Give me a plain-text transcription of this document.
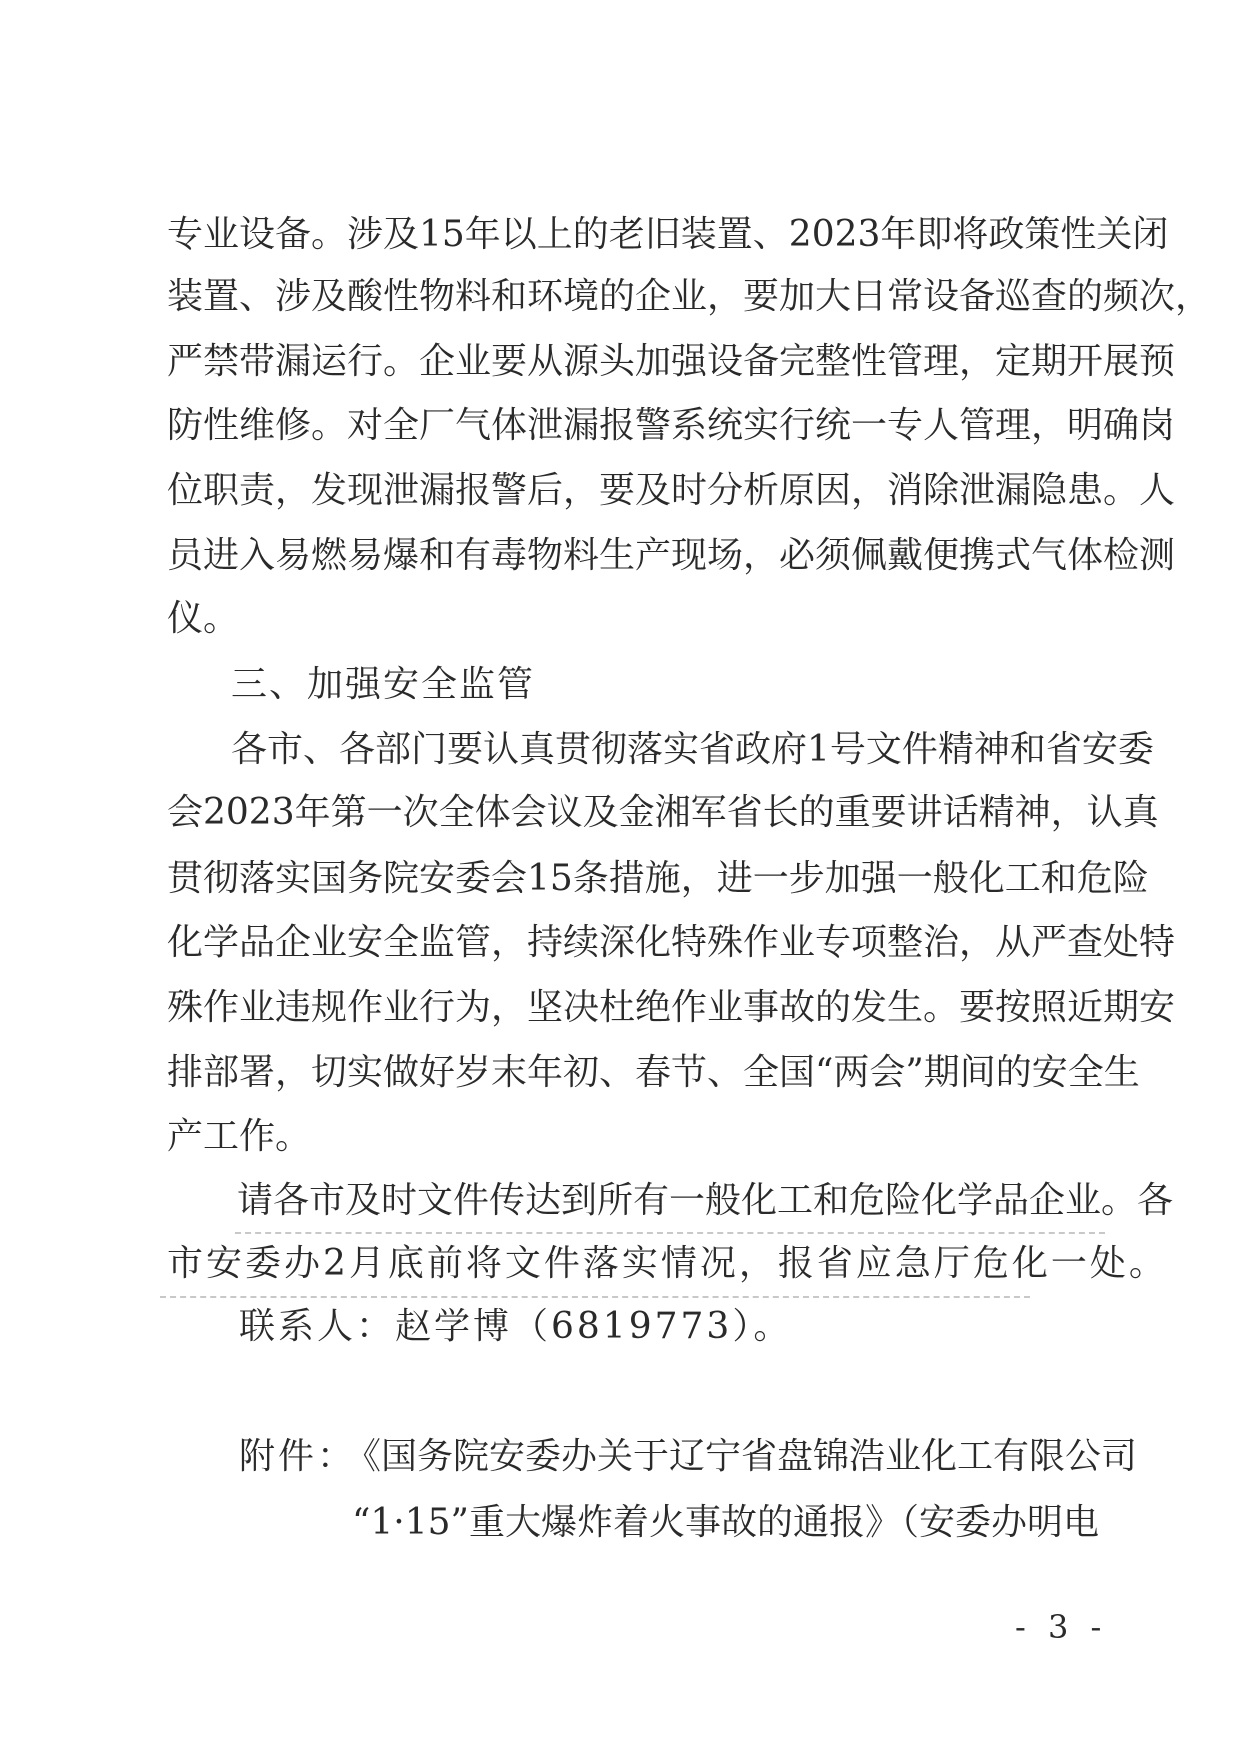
专业设备。涉及15年以上的老旧装置、2023年即将政策性关闭
装置、涉及酸性物料和环境的企业，要加大日常设备巡查的频次，
严禁带漏运行。企业要从源头加强设备完整性管理，定期开展预
防性维修。对全厂气体泄漏报警系统实行统一专人管理，明确岗
位职责，发现泄漏报警后，要及时分析原因，消除泄漏隐患。人
员进入易燃易爆和有毒物料生产现场，必须佩戴便携式气体检测
仪。
三、加强安全监管
各市、各部门要认真贯彻落实省政府1号文件精神和省安委
会2023年第一次全体会议及金湘军省长的重要讲话精神，认真
贯彻落实国务院安委会15条措施，进一步加强一般化工和危险
化学品企业安全监管，持续深化特殊作业专项整治，从严查处特
殊作业违规作业行为，坚决杜绝作业事故的发生。要按照近期安
排部署，切实做好岁末年初、春节、全国“两会”期间的安全生
产工作。
请各市及时文件传达到所有一般化工和危险化学品企业。各
市安委办2月底前将文件落实情况，报省应急厅危化一处。
联系人：赵学博（6819773）。
附件：
《国务院安委办关于辽宁省盘锦浩业化工有限公司
“1·15”重大爆炸着火事故的通报》（安委办明电
- 3 -
